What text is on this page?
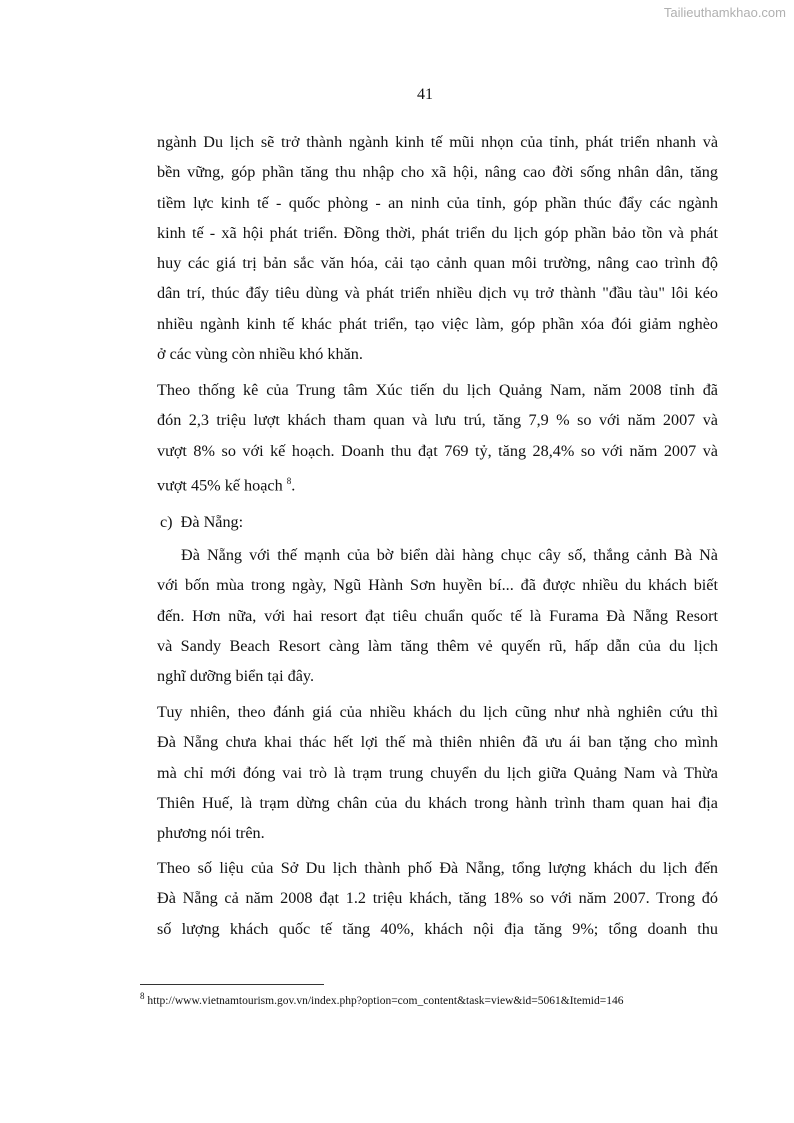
Tailieuthamkhao.com
41
ngành Du lịch sẽ trở thành ngành kinh tế mũi nhọn của tỉnh, phát triển nhanh và
bền vững, góp phần tăng thu nhập cho xã hội, nâng cao đời sống nhân dân, tăng
tiềm lực kinh tế - quốc phòng - an ninh của tỉnh, góp phần thúc đẩy các ngành
kinh tế - xã hội phát triển. Đồng thời, phát triển du lịch góp phần bảo tồn và phát
huy các giá trị bản sắc văn hóa, cải tạo cảnh quan môi trường, nâng cao trình độ
dân trí, thúc đẩy tiêu dùng và phát triển nhiều dịch vụ trở thành "đầu tàu" lôi kéo
nhiều ngành kinh tế khác phát triển, tạo việc làm, góp phần xóa đói giảm nghèo
ở các vùng còn nhiều khó khăn.
Theo thống kê của Trung tâm Xúc tiến du lịch Quảng Nam, năm 2008 tỉnh đã
đón 2,3 triệu lượt khách tham quan và lưu trú, tăng 7,9 % so với năm 2007 và
vượt 8% so với kế hoạch. Doanh thu đạt 769 tỷ, tăng 28,4% so với năm 2007 và
vượt 45% kế hoạch $^8$.
c)  Đà Nẵng:
Đà Nẵng với thế mạnh của bờ biển dài hàng chục cây số, thắng cảnh Bà Nà
với bốn mùa trong ngày, Ngũ Hành Sơn huyền bí... đã được nhiều du khách biết
đến. Hơn nữa, với hai resort đạt tiêu chuẩn quốc tế là Furama Đà Nẵng Resort
và Sandy Beach Resort càng làm tăng thêm vẻ quyến rũ, hấp dẫn của du lịch
nghĩ dưỡng biển tại đây.
Tuy nhiên, theo đánh giá của nhiều khách du lịch cũng như nhà nghiên cứu thì
Đà Nẵng chưa khai thác hết lợi thế mà thiên nhiên đã ưu ái ban tặng cho mình
mà chỉ mới đóng vai trò là trạm trung chuyển du lịch giữa Quảng Nam và Thừa
Thiên Huế, là trạm dừng chân của du khách trong hành trình tham quan hai địa
phương nói trên.
Theo số liệu của Sở Du lịch thành phố Đà Nẵng, tổng lượng khách du lịch đến
Đà Nẵng cả năm 2008 đạt 1.2 triệu khách, tăng 18% so với năm 2007. Trong đó
số lượng khách quốc tế tăng 40%, khách nội địa tăng 9%; tổng doanh thu
$^8$ http://www.vietnamtourism.gov.vn/index.php?option=com_content&task=view&id=5061&Itemid=146
